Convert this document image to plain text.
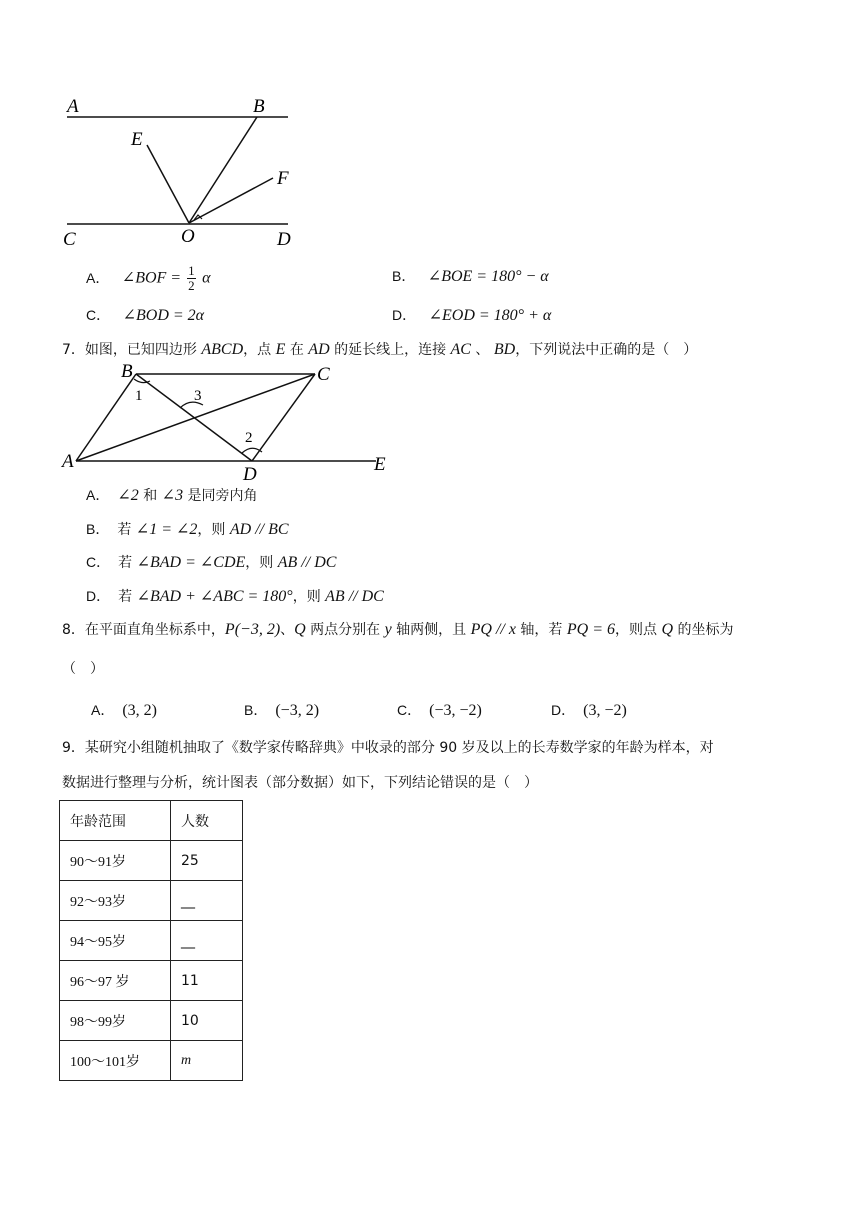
A	B
E
F
C	O	D
A． ∠BOF = $\frac{1}{2}$ α	B． ∠BOE = 180° − α
C． ∠BOD = 2α	D． ∠EOD = 180° + α
7．如图，已知四边形 ABCD，点 E 在 AD 的延长线上，连接 AC 、 BD，下列说法中正确的是（　）
B	C
A
D	E
1	3
2
A． ∠2 和 ∠3 是同旁内角
B． 若 ∠1 = ∠2，则 AD // BC
C． 若 ∠BAD = ∠CDE，则 AB // DC
D． 若 ∠BAD + ∠ABC = 180°，则 AB // DC
8．在平面直角坐标系中，P(−3, 2)、Q 两点分别在 y 轴两侧，且 PQ // x 轴，若 PQ = 6，则点 Q 的坐标为
（　）
A． (3, 2)	B． (−3, 2)	C． (−3, −2)	D． (3, −2)
9．某研究小组随机抽取了《数学家传略辞典》中收录的部分 90 岁及以上的长寿数学家的年龄为样本，对
数据进行整理与分析，统计图表（部分数据）如下，下列结论错误的是（　）
年龄范围	人数
90～91岁	25
92～93岁	__
94～95岁	__
96～97 岁	11
98～99岁	10
100～101岁	m
